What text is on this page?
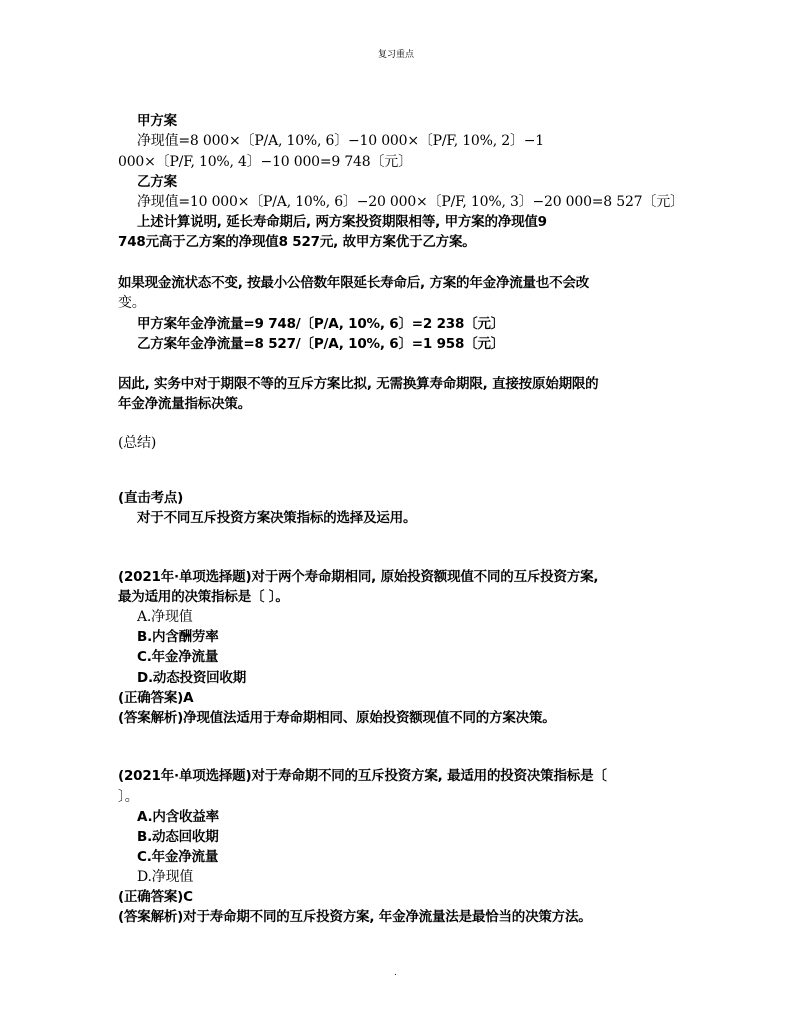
复习重点
甲方案
净现值=8 000×〔P/A, 10%, 6〕−10 000×〔P/F, 10%, 2〕−1
000×〔P/F, 10%, 4〕−10 000=9 748〔元〕
乙方案
净现值=10 000×〔P/A, 10%, 6〕−20 000×〔P/F, 10%, 3〕−20 000=8 527〔元〕
上述计算说明, 延长寿命期后, 两方案投资期限相等, 甲方案的净现值9
748元高于乙方案的净现值8 527元, 故甲方案优于乙方案。
如果现金流状态不变, 按最小公倍数年限延长寿命后, 方案的年金净流量也不会改
变。
甲方案年金净流量=9 748/〔P/A, 10%, 6〕=2 238〔元〕
乙方案年金净流量=8 527/〔P/A, 10%, 6〕=1 958〔元〕
因此, 实务中对于期限不等的互斥方案比拟, 无需换算寿命期限, 直接按原始期限的
年金净流量指标决策。
(总结)
(直击考点)
对于不同互斥投资方案决策指标的选择及运用。
(2021年·单项选择题)对于两个寿命期相同, 原始投资额现值不同的互斥投资方案,
最为适用的决策指标是〔 〕。
A.净现值
B.内含酬劳率
C.年金净流量
D.动态投资回收期
(正确答案)A
(答案解析)净现值法适用于寿命期相同、原始投资额现值不同的方案决策。
(2021年·单项选择题)对于寿命期不同的互斥投资方案, 最适用的投资决策指标是〔
〕。
A.内含收益率
B.动态回收期
C.年金净流量
D.净现值
(正确答案)C
(答案解析)对于寿命期不同的互斥投资方案, 年金净流量法是最恰当的决策方法。
.
